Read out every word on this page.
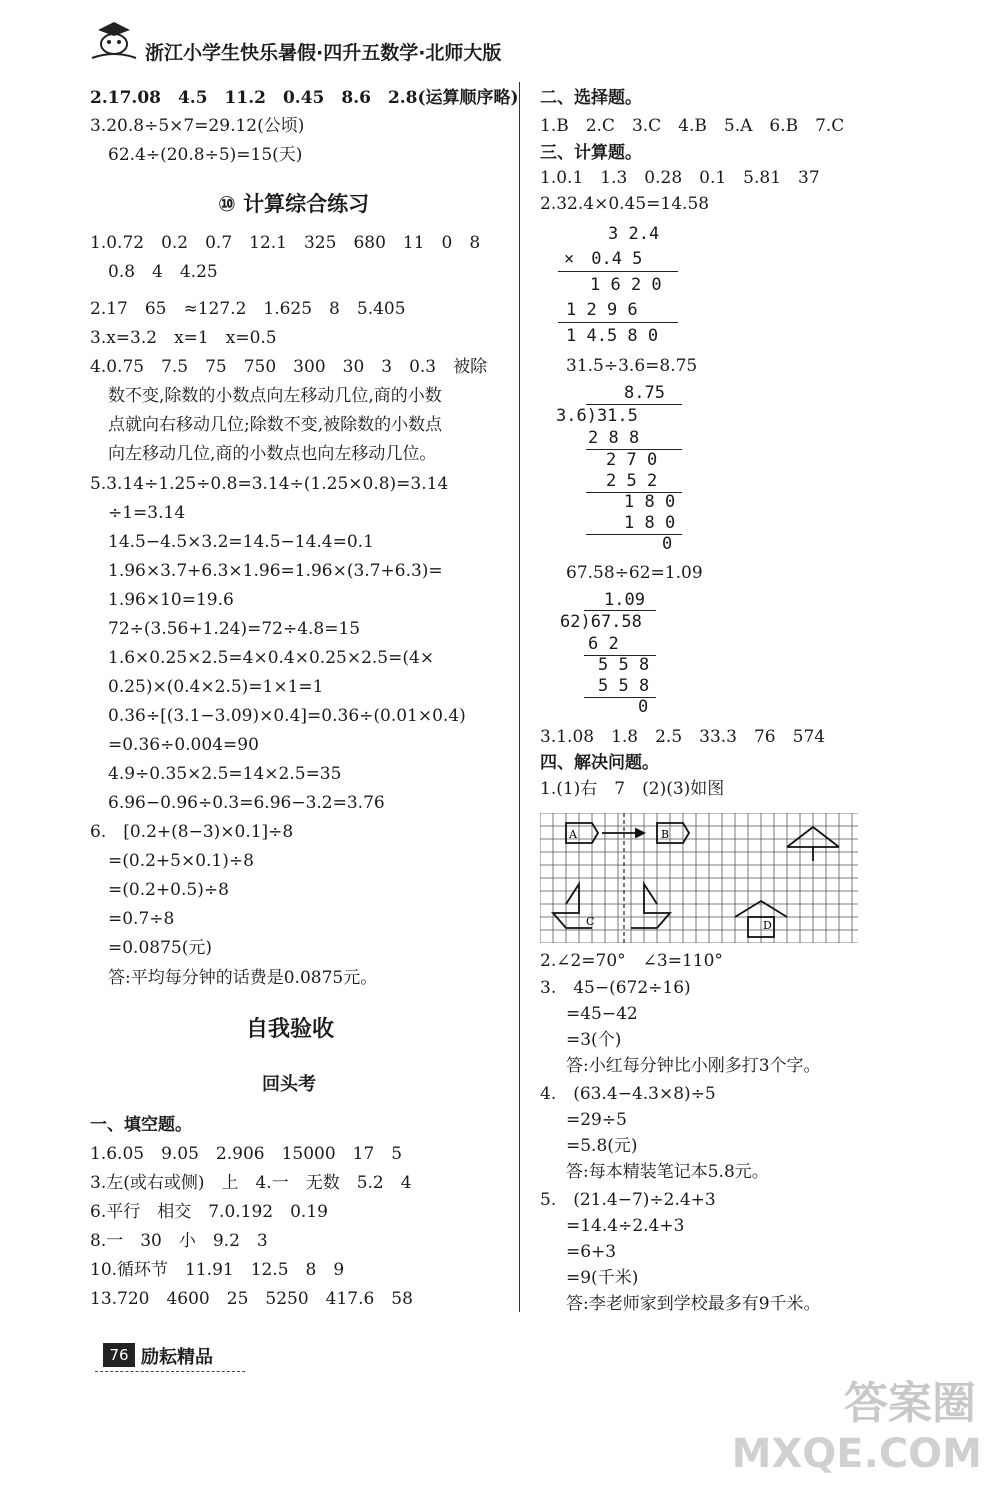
浙江小学生快乐暑假·四升五数学·北师大版
2.17.08　4.5　11.2　0.45　8.6　2.8(运算顺序略)
3.20.8÷5×7=29.12(公顷)
62.4÷(20.8÷5)=15(天)
⑩ 计算综合练习
1.0.72　0.2　0.7　12.1　325　680　11　0　8
0.8　4　4.25
2.17　65　≈127.2　1.625　8　5.405
3.x=3.2　x=1　x=0.5
4.0.75　7.5　75　750　300　30　3　0.3　被除
数不变,除数的小数点向左移动几位,商的小数
点就向右移动几位;除数不变,被除数的小数点
向左移动几位,商的小数点也向左移动几位。
5.3.14÷1.25÷0.8=3.14÷(1.25×0.8)=3.14
÷1=3.14
14.5−4.5×3.2=14.5−14.4=0.1
1.96×3.7+6.3×1.96=1.96×(3.7+6.3)=
1.96×10=19.6
72÷(3.56+1.24)=72÷4.8=15
1.6×0.25×2.5=4×0.4×0.25×2.5=(4×
0.25)×(0.4×2.5)=1×1=1
0.36÷[(3.1−3.09)×0.4]=0.36÷(0.01×0.4)
=0.36÷0.004=90
4.9÷0.35×2.5=14×2.5=35
6.96−0.96÷0.3=6.96−3.2=3.76
6.　[0.2+(8−3)×0.1]÷8
=(0.2+5×0.1)÷8
=(0.2+0.5)÷8
=0.7÷8
=0.0875(元)
答:平均每分钟的话费是0.0875元。
自我验收
回头考
一、填空题。
1.6.05　9.05　2.906　15000　17　5
3.左(或右或侧)　上　4.一　无数　5.2　4
6.平行　相交　7.0.192　0.19
8.一　30　小　9.2　3
10.循环节　11.91　12.5　8　9
13.720　4600　25　5250　417.6　58
二、选择题。
1.B　2.C　3.C　4.B　5.A　6.B　7.C
三、计算题。
1.0.1　1.3　0.28　0.1　5.81　37
2.32.4×0.45=14.58
3 2.4
×　0.4 5
1 6 2 0
1 2 9 6
1 4.5 8 0
31.5÷3.6=8.75
8.75
3.6)31.5
2 8 8
2 7 0
2 5 2
1 8 0
1 8 0
0
67.58÷62=1.09
1.09
62)67.58
6 2
5 5 8
5 5 8
0
3.1.08　1.8　2.5　33.3　76　574
四、解决问题。
1.(1)右　7　(2)(3)如图
A	B
C	D
2.∠2=70°　∠3=110°
3.　45−(672÷16)
=45−42
=3(个)
答:小红每分钟比小刚多打3个字。
4.　(63.4−4.3×8)÷5
=29÷5
=5.8(元)
答:每本精装笔记本5.8元。
5.　(21.4−7)÷2.4+3
=14.4÷2.4+3
=6+3
=9(千米)
答:李老师家到学校最多有9千米。
76 励耘精品
答案圈
MXQE.COM
